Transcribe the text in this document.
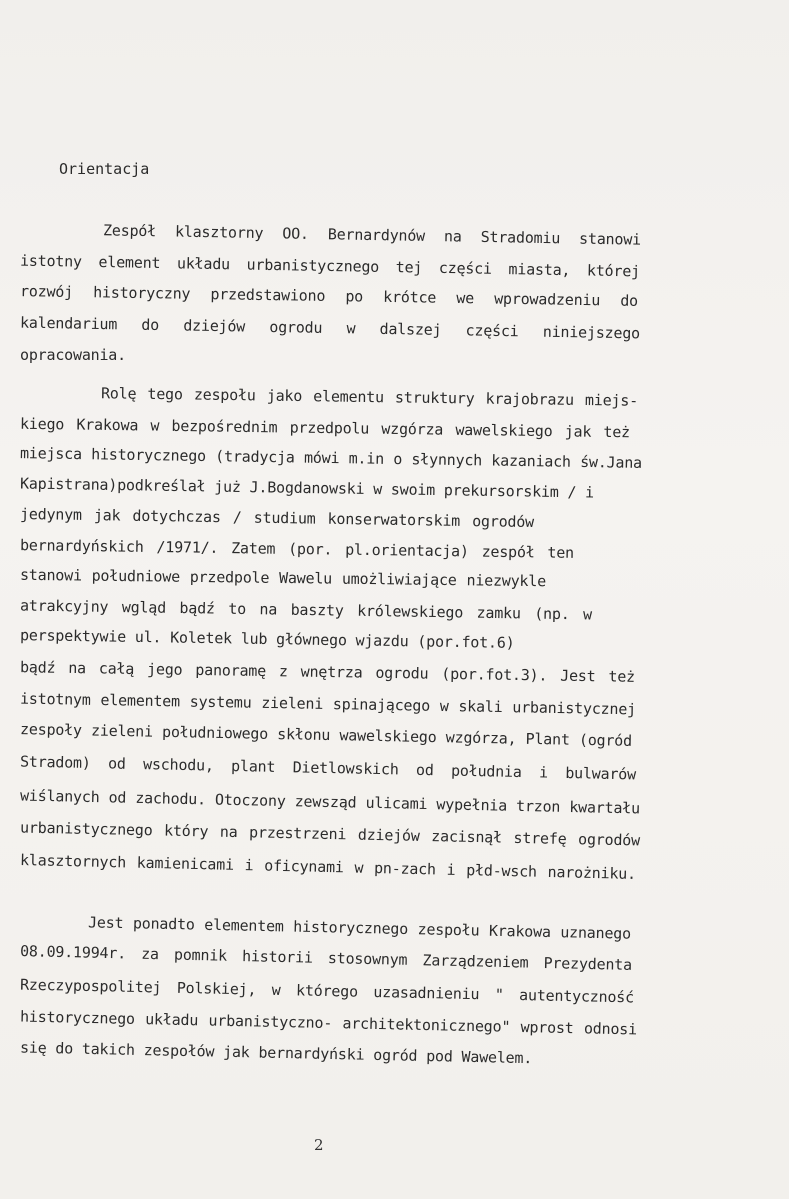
Orientacja
Zespół klasztorny OO. Bernardynów na Stradomiu stanowi
istotny element układu urbanistycznego tej części miasta, której
rozwój historyczny przedstawiono po krótce we wprowadzeniu do
kalendarium do dziejów ogrodu w dalszej części niniejszego
opracowania.
Rolę tego zespołu jako elementu struktury krajobrazu miejs-
kiego Krakowa w bezpośrednim przedpolu wzgórza wawelskiego jak też
miejsca historycznego (tradycja mówi m.in o słynnych kazaniach św.Jana
Kapistrana)podkreślał już J.Bogdanowski w swoim prekursorskim / i
jedynym jak dotychczas / studium konserwatorskim ogrodów
bernardyńskich /1971/. Zatem (por. pl.orientacja) zespół ten
stanowi południowe przedpole Wawelu umożliwiające niezwykle
atrakcyjny wgląd bądź to na baszty królewskiego zamku (np. w
perspektywie ul. Koletek lub głównego wjazdu (por.fot.6)
bądź na całą jego panoramę z wnętrza ogrodu (por.fot.3). Jest też
istotnym elementem systemu zieleni spinającego w skali urbanistycznej
zespoły zieleni południowego skłonu wawelskiego wzgórza, Plant (ogród
Stradom) od wschodu, plant Dietlowskich od południa i bulwarów
wiślanych od zachodu. Otoczony zewsząd ulicami wypełnia trzon kwartału
urbanistycznego który na przestrzeni dziejów zacisnął strefę ogrodów
klasztornych kamienicami i oficynami w pn-zach i płd-wsch narożniku.
Jest ponadto elementem historycznego zespołu Krakowa uznanego
08.09.1994r. za pomnik historii stosownym Zarządzeniem Prezydenta
Rzeczypospolitej Polskiej, w którego uzasadnieniu " autentyczność
historycznego układu urbanistyczno- architektonicznego" wprost odnosi
się do takich zespołów jak bernardyński ogród pod Wawelem.
2
